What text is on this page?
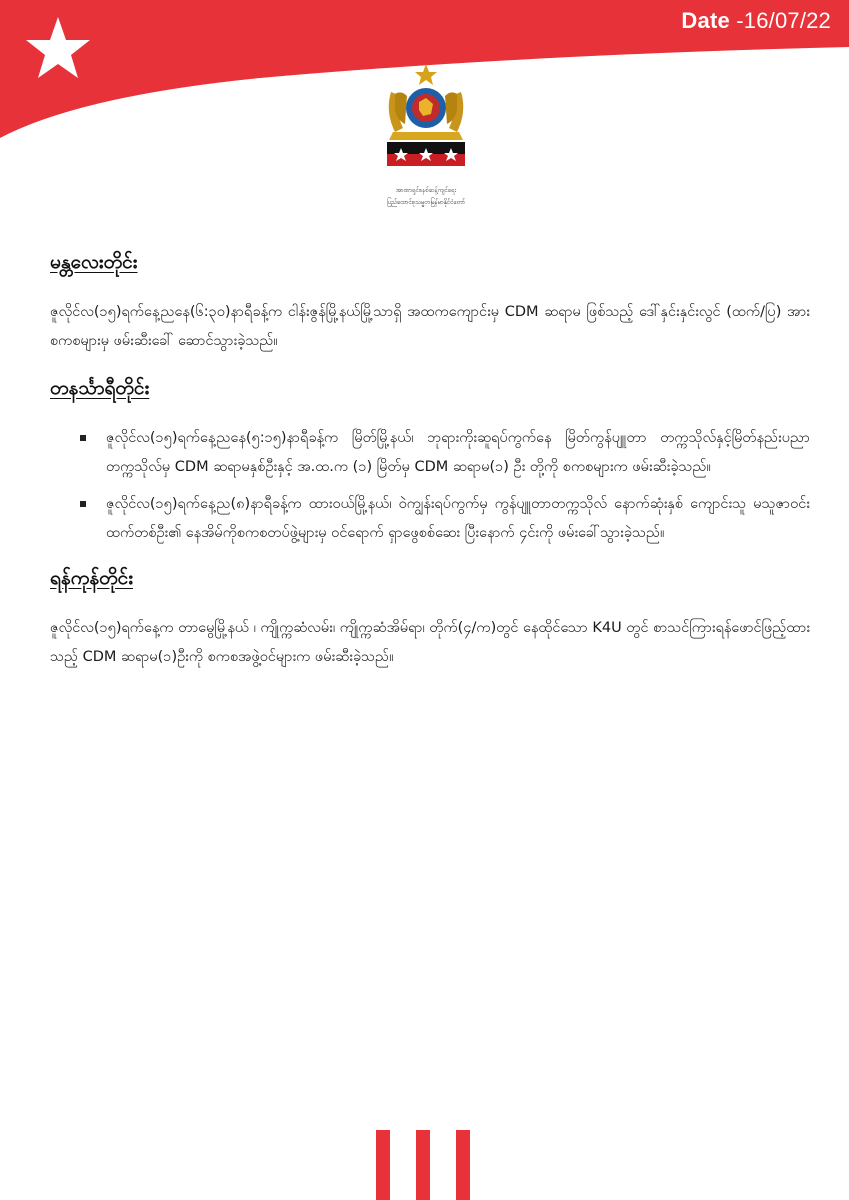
Date -16/07/22
အာဏာရှင်စနစ်ဆန့်ကျင်ရေး
ပြည်ထောင်စုသမ္မတမြန်မာနိုင်ငံတော်
မန္တလေးတိုင်း

ဇူလိုင်လ(၁၅)ရက်နေ့ညနေ(၆:၃၀)နာရီခန့်က ငါန်းဇွန်မြို့နယ်မြို့သာရှိ အထကကျောင်းမှ CDM ဆရာမ ဖြစ်သည့် ဒေါ်နှင်းနှင်းလွင် (ထက်/ပြ) အား စကစများမှ ဖမ်းဆီးခေါ် ဆောင်သွားခဲ့သည်။

တနင်္သာရီတိုင်း
ဇူလိုင်လ(၁၅)ရက်နေ့ညနေ(၅:၁၅)နာရီခန့်က မြိတ်မြို့နယ်၊ ဘုရားကိုးဆူရပ်ကွက်နေ မြိတ်ကွန်ပျူတာ တက္ကသိုလ်နှင့်မြိတ်နည်းပညာတက္ကသိုလ်မှ CDM ဆရာမနှစ်ဦးနှင့် အ.ထ.က (၁) မြိတ်မှ CDM ဆရာမ(၁) ဦး တို့ကို စကစများက ဖမ်းဆီးခဲ့သည်။
ဇူလိုင်လ(၁၅)ရက်နေ့ည(၈)နာရီခန့်က ထားဝယ်မြို့နယ်၊ ဝဲကျွန်းရပ်ကွက်မှ ကွန်ပျူတာတက္ကသိုလ် နောက်ဆုံးနှစ် ကျောင်းသူ မသူဇာဝင်းထက်တစ်ဦး၏ နေအိမ်ကိုစကစတပ်ဖွဲ့များမှ ဝင်ရောက် ရှာဖွေစစ်ဆေး ပြီးနောက် ၄င်းကို ဖမ်းခေါ်သွားခဲ့သည်။
ရန်ကုန်တိုင်း

ဇူလိုင်လ(၁၅)ရက်နေ့က တာမွေမြို့နယ် ၊ ကျိုက္ကဆံလမ်း၊ ကျိုက္ကဆံအိမ်ရာ၊ တိုက်(၄/က)တွင် နေထိုင်သော K4U တွင် စာသင်ကြားရန်ဖောင်ဖြည့်ထားသည့် CDM ဆရာမ(၁)ဦးကို စကစအဖွဲ့ဝင်များက ဖမ်းဆီးခဲ့သည်။
